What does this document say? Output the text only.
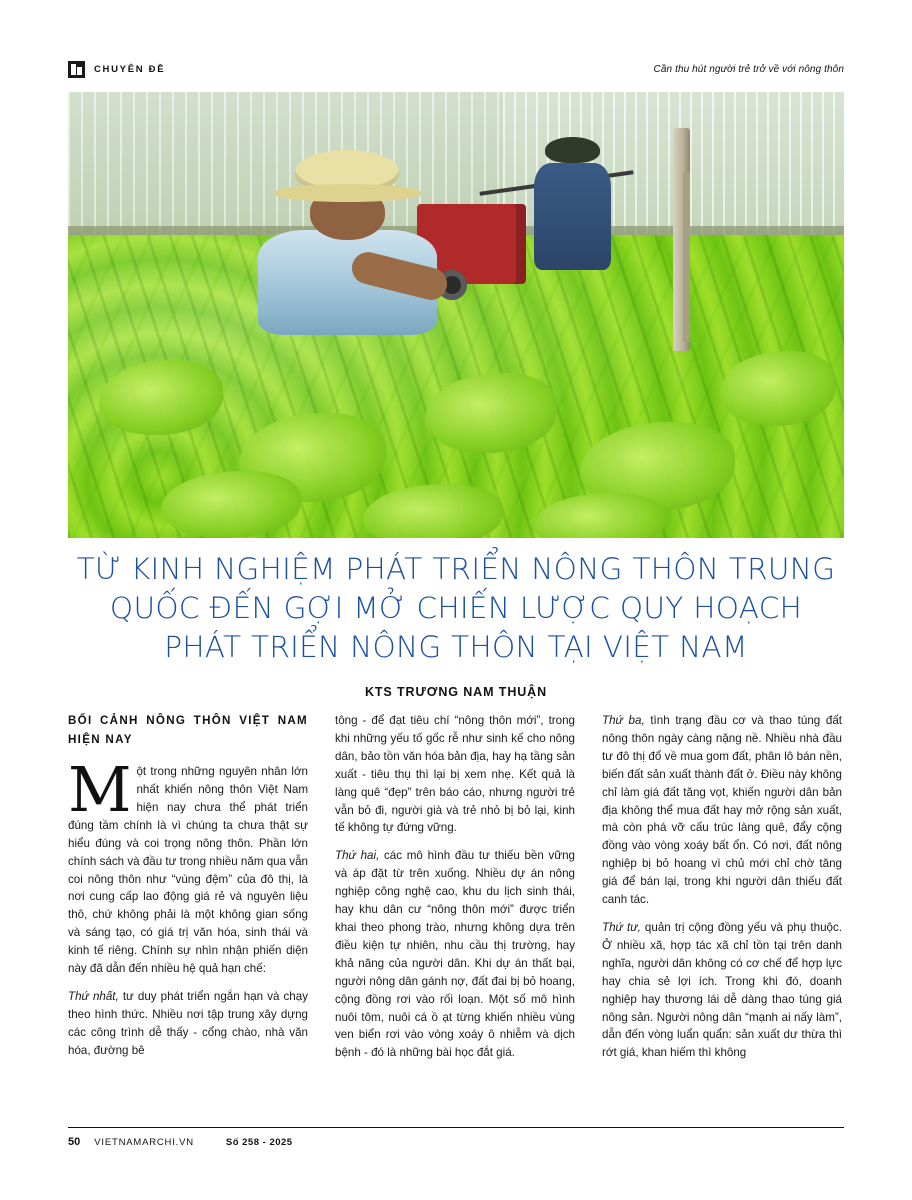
CHUYÊN ĐỀ	Cần thu hút người trẻ trở về với nông thôn
TỪ KINH NGHIỆM PHÁT TRIỂN NÔNG THÔN TRUNG QUỐC ĐẾN GỢI MỞ CHIẾN LƯỢC QUY HOẠCH PHÁT TRIỂN NÔNG THÔN TẠI VIỆT NAM
KTS TRƯƠNG NAM THUẬN
BỐI CẢNH NÔNG THÔN VIỆT NAM HIỆN NAY

Một trong những nguyên nhân lớn nhất khiến nông thôn Việt Nam hiện nay chưa thể phát triển đúng tầm chính là vì chúng ta chưa thật sự hiểu đúng và coi trọng nông thôn. Phần lớn chính sách và đầu tư trong nhiều năm qua vẫn coi nông thôn như “vùng đệm” của đô thị, là nơi cung cấp lao động giá rẻ và nguyên liệu thô, chứ không phải là một không gian sống và sáng tạo, có giá trị văn hóa, sinh thái và kinh tế riêng. Chính sự nhìn nhận phiến diện này đã dẫn đến nhiều hệ quả hạn chế:

Thứ nhất, tư duy phát triển ngắn hạn và chạy theo hình thức. Nhiều nơi tập trung xây dựng các công trình dễ thấy - cổng chào, nhà văn hóa, đường bê

tông - để đạt tiêu chí “nông thôn mới”, trong khi những yếu tố gốc rễ như sinh kế cho nông dân, bảo tồn văn hóa bản địa, hay hạ tầng sản xuất - tiêu thụ thì lại bị xem nhẹ. Kết quả là làng quê “đẹp” trên báo cáo, nhưng người trẻ vẫn bỏ đi, người già và trẻ nhỏ bị bỏ lại, kinh tế không tự đứng vững.

Thứ hai, các mô hình đầu tư thiếu bền vững và áp đặt từ trên xuống. Nhiều dự án nông nghiệp công nghệ cao, khu du lịch sinh thái, hay khu dân cư “nông thôn mới” được triển khai theo phong trào, nhưng không dựa trên điều kiện tự nhiên, nhu cầu thị trường, hay khả năng của người dân. Khi dự án thất bại, người nông dân gánh nợ, đất đai bị bỏ hoang, cộng đồng rơi vào rối loạn. Một số mô hình nuôi tôm, nuôi cá ồ ạt từng khiến nhiều vùng ven biển rơi vào vòng xoáy ô nhiễm và dịch bệnh - đó là những bài học đắt giá.

Thứ ba, tình trạng đầu cơ và thao túng đất nông thôn ngày càng nặng nề. Nhiều nhà đầu tư đô thị đổ về mua gom đất, phân lô bán nền, biến đất sản xuất thành đất ở. Điều này không chỉ làm giá đất tăng vọt, khiến người dân bản địa không thể mua đất hay mở rộng sản xuất, mà còn phá vỡ cấu trúc làng quê, đẩy cộng đồng vào vòng xoáy bất ổn. Có nơi, đất nông nghiệp bị bỏ hoang vì chủ mới chỉ chờ tăng giá để bán lại, trong khi người dân thiếu đất canh tác.

Thứ tư, quản trị cộng đồng yếu và phụ thuộc. Ở nhiều xã, hợp tác xã chỉ tồn tại trên danh nghĩa, người dân không có cơ chế để hợp lực hay chia sẻ lợi ích. Trong khi đó, doanh nghiệp hay thương lái dễ dàng thao túng giá nông sản. Người nông dân “mạnh ai nấy làm”, dẫn đến vòng luẩn quẩn: sản xuất dư thừa thì rớt giá, khan hiếm thì không

50 VIETNAMARCHI.VN	Số 258 - 2025
